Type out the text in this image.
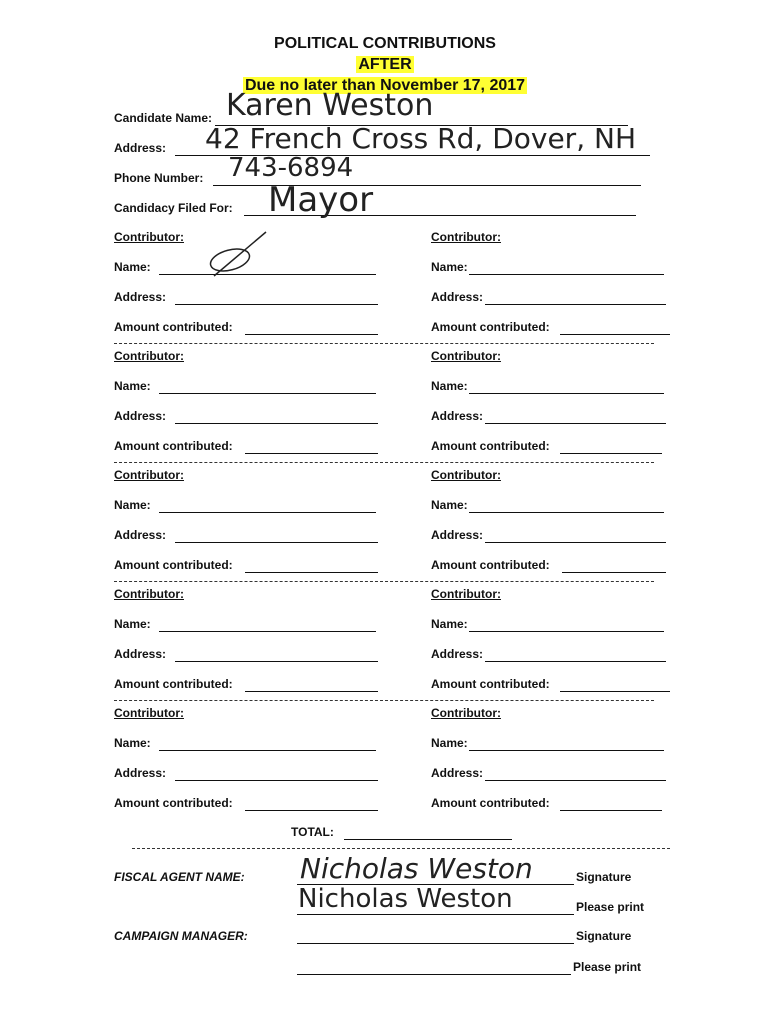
POLITICAL CONTRIBUTIONS
AFTER
Due no later than November 17, 2017
Candidate Name: Karen Weston
Address: 42 French Cross Rd, Dover, NH
Phone Number: 743-6894
Candidacy Filed For: Mayor
Contributor:	Contributor:
Name:	Name:
Address:	Address:
Amount contributed:	Amount contributed:
Contributor:	Contributor:
Name:	Name:
Address:	Address:
Amount contributed:	Amount contributed:
Contributor:	Contributor:
Name:	Name:
Address:	Address:
Amount contributed:	Amount contributed:
Contributor:	Contributor:
Name:	Name:
Address:	Address:
Amount contributed:	Amount contributed:
Contributor:	Contributor:
Name:	Name:
Address:	Address:
Amount contributed:	Amount contributed:
TOTAL:
FISCAL AGENT NAME: Nicholas Weston	Signature
Nicholas Weston	Please print
CAMPAIGN MANAGER:	Signature
Please print
